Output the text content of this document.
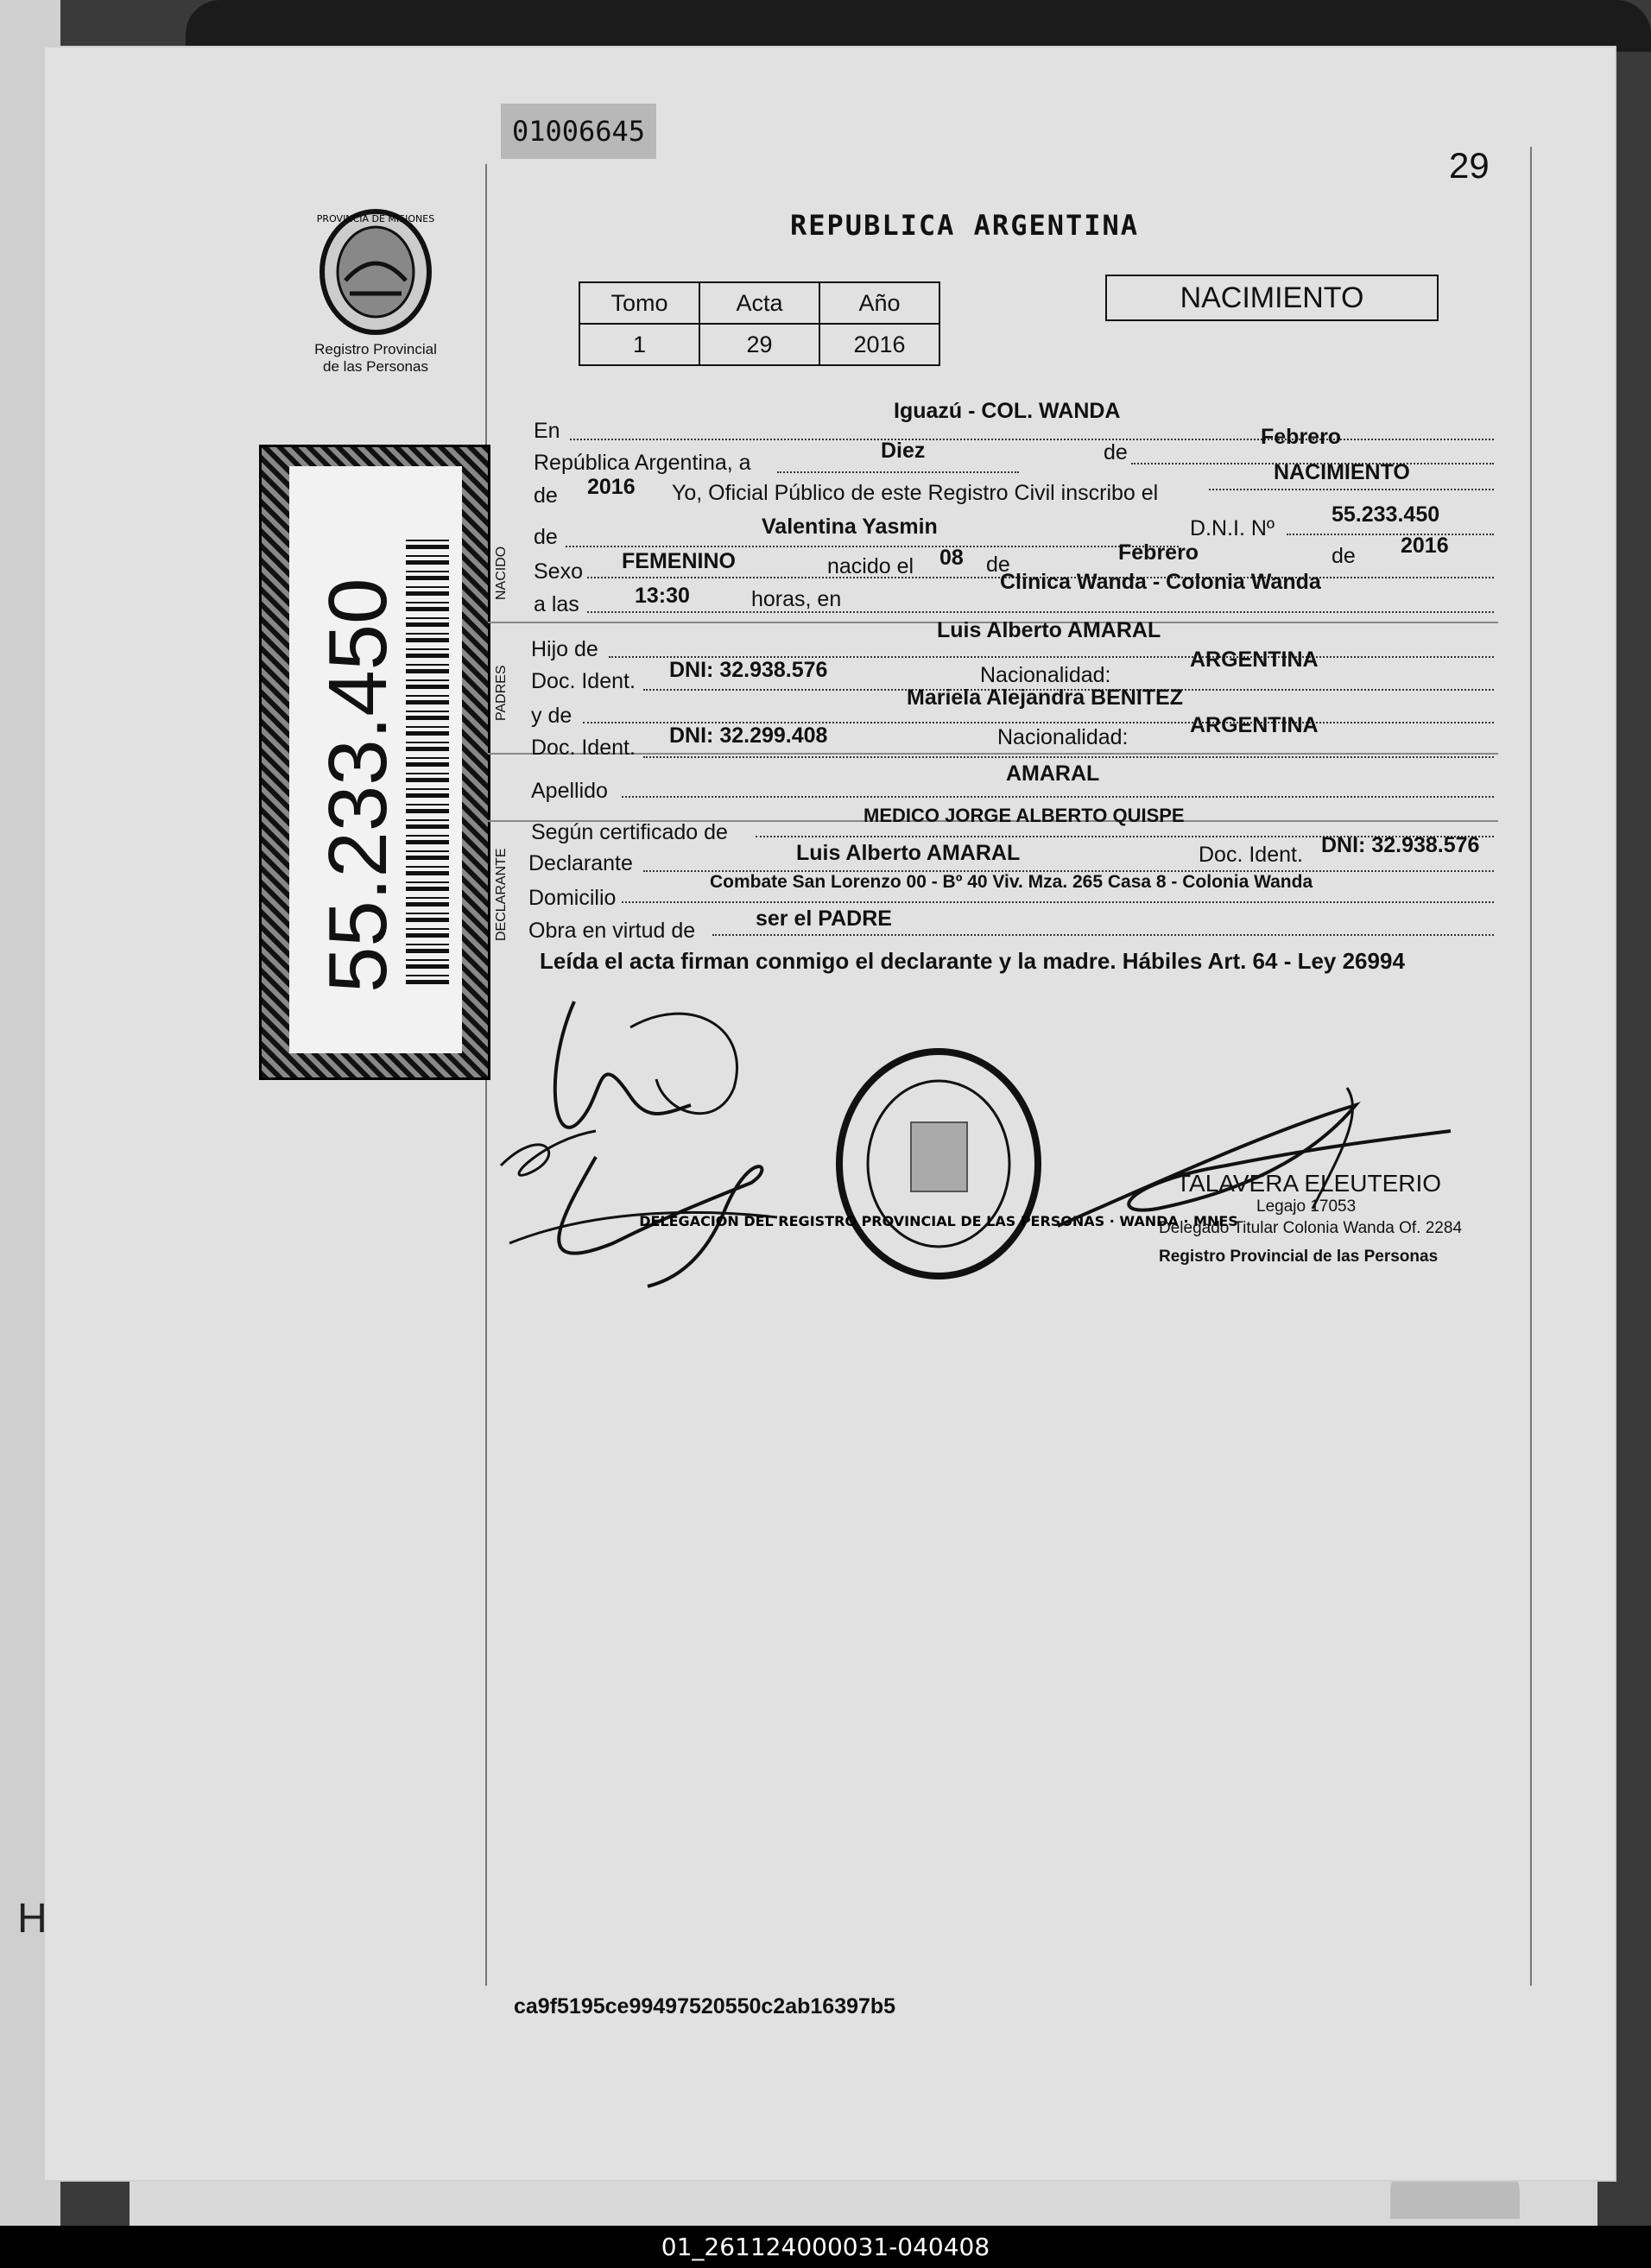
01006645
29
PROVINCIA DE MISIONES
Registro Provincial
de las Personas
REPUBLICA ARGENTINA
Tomo	Acta	Año
1	29	2016
NACIMIENTO
55.233.450
NACIDO
PADRES
DECLARANTE
En
Iguazú - COL. WANDA
República Argentina, a	Diez	de
Febrero
de 2016 Yo, Oficial Público de este Registro Civil inscribo el
NACIMIENTO
de	Valentina Yasmin	D.N.I. Nº
55.233.450
Sexo FEMENINO	nacido el 08 de	Febrero	de 2016
a las	13:30	horas, en
Clinica Wanda - Colonia Wanda
Hijo de
Luis Alberto AMARAL
Doc. Ident. DNI: 32.938.576	Nacionalidad:
ARGENTINA
y de
Mariela Alejandra BENITEZ
Doc. Ident. DNI: 32.299.408	Nacionalidad:	ARGENTINA
Apellido
AMARAL
Según certificado de
MEDICO JORGE ALBERTO QUISPE
Declarante	Luis Alberto AMARAL	Doc. Ident. DNI: 32.938.576
Domicilio
Combate San Lorenzo 00 - Bº 40 Viv. Mza. 265 Casa 8 - Colonia Wanda
Obra en virtud de	ser el PADRE
Leída el acta firman conmigo el declarante y la madre. Hábiles Art. 64 - Ley 26994
DELEGACION DEL REGISTRO PROVINCIAL DE LAS PERSONAS · WANDA · MNES
TALAVERA ELEUTERIO
Legajo 17053
Delegado Titular Colonia Wanda Of. 2284
Registro Provincial de las Personas
ca9f5195ce99497520550c2ab16397b5
H
01_261124000031-040408
